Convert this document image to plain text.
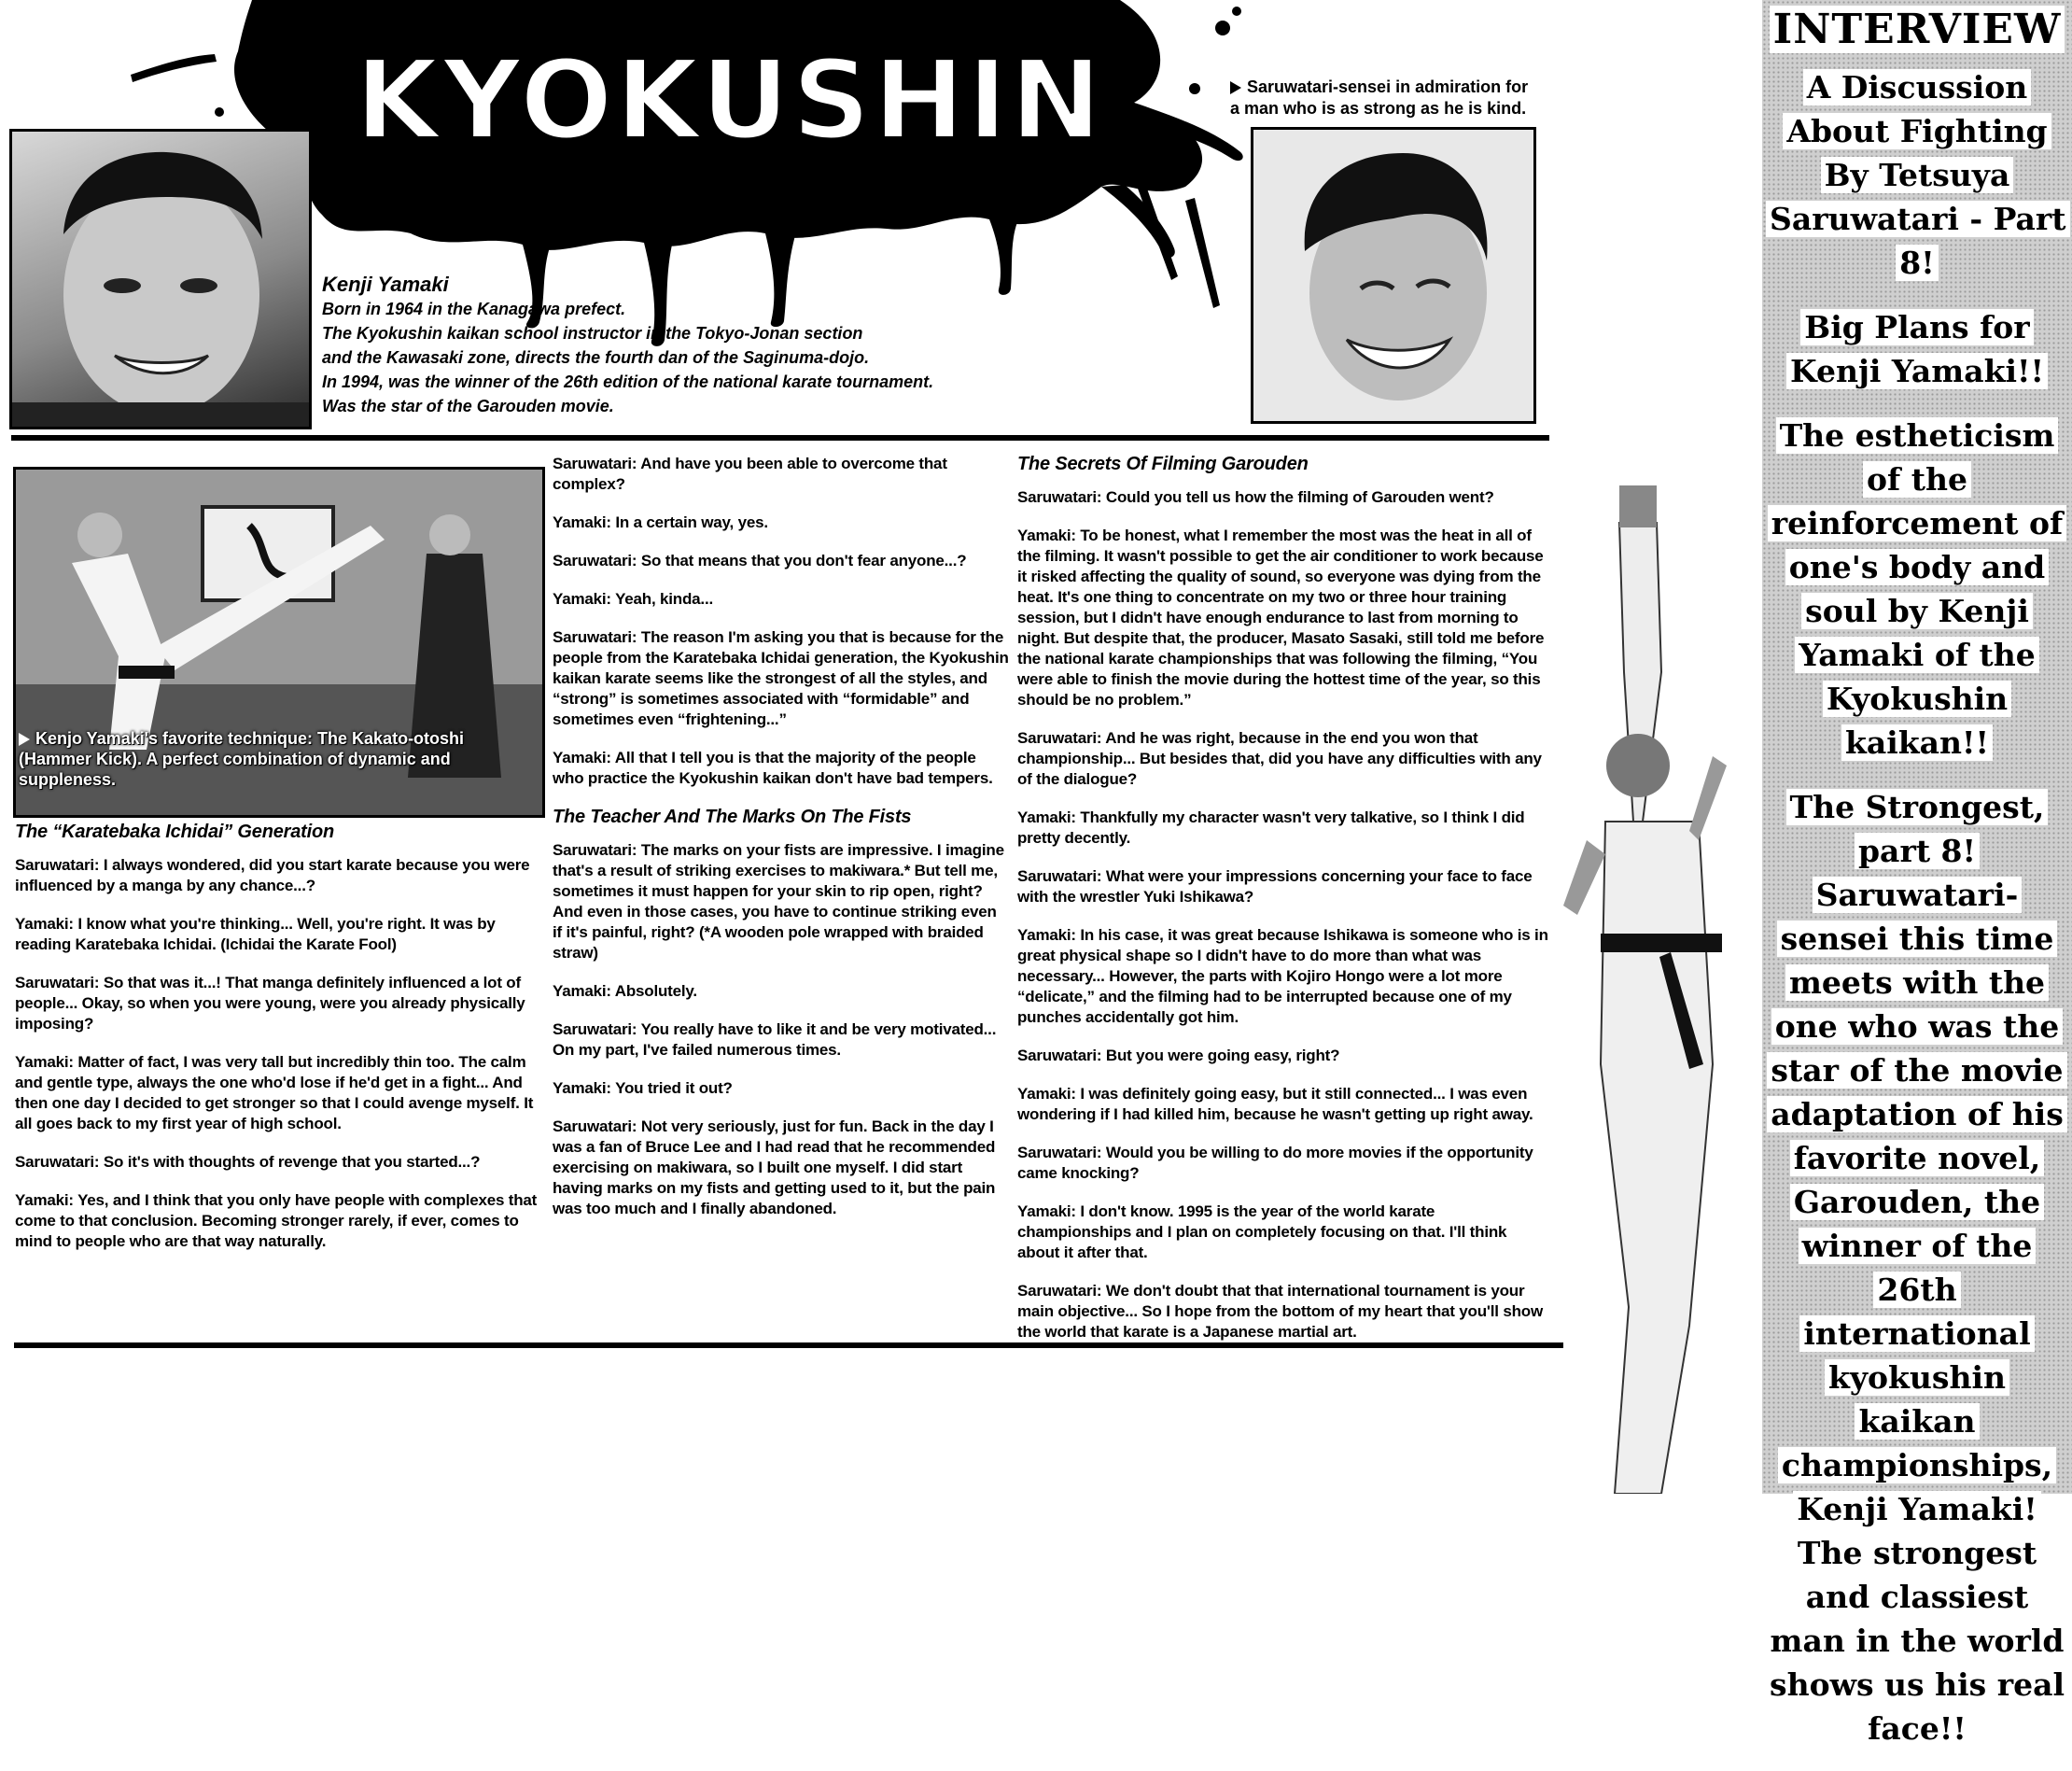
KYOKUSHIN
Kenji Yamaki
Born in 1964 in the Kanagawa prefect.
The Kyokushin kaikan school instructor in the Tokyo-Jonan section
and the Kawasaki zone, directs the fourth dan of the Saginuma-dojo.
In 1994, was the winner of the 26th edition of the national karate tournament.
Was the star of the Garouden movie.
Saruwatari-sensei in admiration for
a man who is as strong as he is kind.
Kenjo Yamaki's favorite technique: The Kakato-otoshi
(Hammer Kick). A perfect combination of dynamic and
suppleness.
The “Karatebaka Ichidai” Generation

Saruwatari: I always wondered, did you start karate because you were influenced by a manga by any chance...?

Yamaki: I know what you're thinking... Well, you're right. It was by reading Karatebaka Ichidai. (Ichidai the Karate Fool)

Saruwatari: So that was it...! That manga definitely influenced a lot of people... Okay, so when you were young, were you already physically imposing?

Yamaki: Matter of fact, I was very tall but incredibly thin too. The calm and gentle type, always the one who'd lose if he'd get in a fight... And then one day I decided to get stronger so that I could avenge myself. It all goes back to my first year of high school.

Saruwatari: So it's with thoughts of revenge that you started...?

Yamaki: Yes, and I think that you only have people with complexes that come to that conclusion. Becoming stronger rarely, if ever, comes to mind to people who are that way naturally.

Saruwatari: And have you been able to overcome that complex?

Yamaki: In a certain way, yes.

Saruwatari: So that means that you don't fear anyone...?

Yamaki: Yeah, kinda...

Saruwatari: The reason I'm asking you that is because for the people from the Karatebaka Ichidai generation, the Kyokushin kaikan karate seems like the strongest of all the styles, and “strong” is sometimes associated with “formidable” and sometimes even “frightening...”

Yamaki: All that I tell you is that the majority of the people who practice the Kyokushin kaikan don't have bad tempers.

The Teacher And The Marks On The Fists

Saruwatari: The marks on your fists are impressive. I imagine that's a result of striking exercises to makiwara.* But tell me, sometimes it must happen for your skin to rip open, right? And even in those cases, you have to continue striking even if it's painful, right? (*A wooden pole wrapped with braided straw)

Yamaki: Absolutely.

Saruwatari: You really have to like it and be very motivated... On my part, I've failed numerous times.

Yamaki: You tried it out?

Saruwatari: Not very seriously, just for fun. Back in the day I was a fan of Bruce Lee and I had read that he recommended exercising on makiwara, so I built one myself. I did start having marks on my fists and getting used to it, but the pain was too much and I finally abandoned.

The Secrets Of Filming Garouden

Saruwatari: Could you tell us how the filming of Garouden went?

Yamaki: To be honest, what I remember the most was the heat in all of the filming. It wasn't possible to get the air conditioner to work because it risked affecting the quality of sound, so everyone was dying from the heat. It's one thing to concentrate on my two or three hour training session, but I didn't have enough endurance to last from morning to night. But despite that, the producer, Masato Sasaki, still told me before the national karate championships that was following the filming, “You were able to finish the movie during the hottest time of the year, so this should be no problem.”

Saruwatari: And he was right, because in the end you won that championship... But besides that, did you have any difficulties with any of the dialogue?

Yamaki: Thankfully my character wasn't very talkative, so I think I did pretty decently.

Saruwatari: What were your impressions concerning your face to face with the wrestler Yuki Ishikawa?

Yamaki: In his case, it was great because Ishikawa is someone who is in great physical shape so I didn't have to do more than what was necessary... However, the parts with Kojiro Hongo were a lot more “delicate,” and the filming had to be interrupted because one of my punches accidentally got him.

Saruwatari: But you were going easy, right?

Yamaki: I was definitely going easy, but it still connected... I was even wondering if I had killed him, because he wasn't getting up right away.

Saruwatari: Would you be willing to do more movies if the opportunity came knocking?

Yamaki: I don't know. 1995 is the year of the world karate championships and I plan on completely focusing on that. I'll think about it after that.

Saruwatari: We don't doubt that that international tournament is your main objective... So I hope from the bottom of my heart that you'll show the world that karate is a Japanese martial art.

INTERVIEW
A Discussion About Fighting By Tetsuya Saruwatari - Part 8!
Big Plans for Kenji Yamaki!!
The estheticism of the reinforcement of one's body and soul by Kenji Yamaki of the Kyokushin kaikan!!
The Strongest, part 8! Saruwatari-sensei this time meets with the one who was the star of the movie adaptation of his favorite novel, Garouden, the winner of the 26th international kyokushin kaikan championships, Kenji Yamaki! The strongest and classiest man in the world shows us his real face!!
